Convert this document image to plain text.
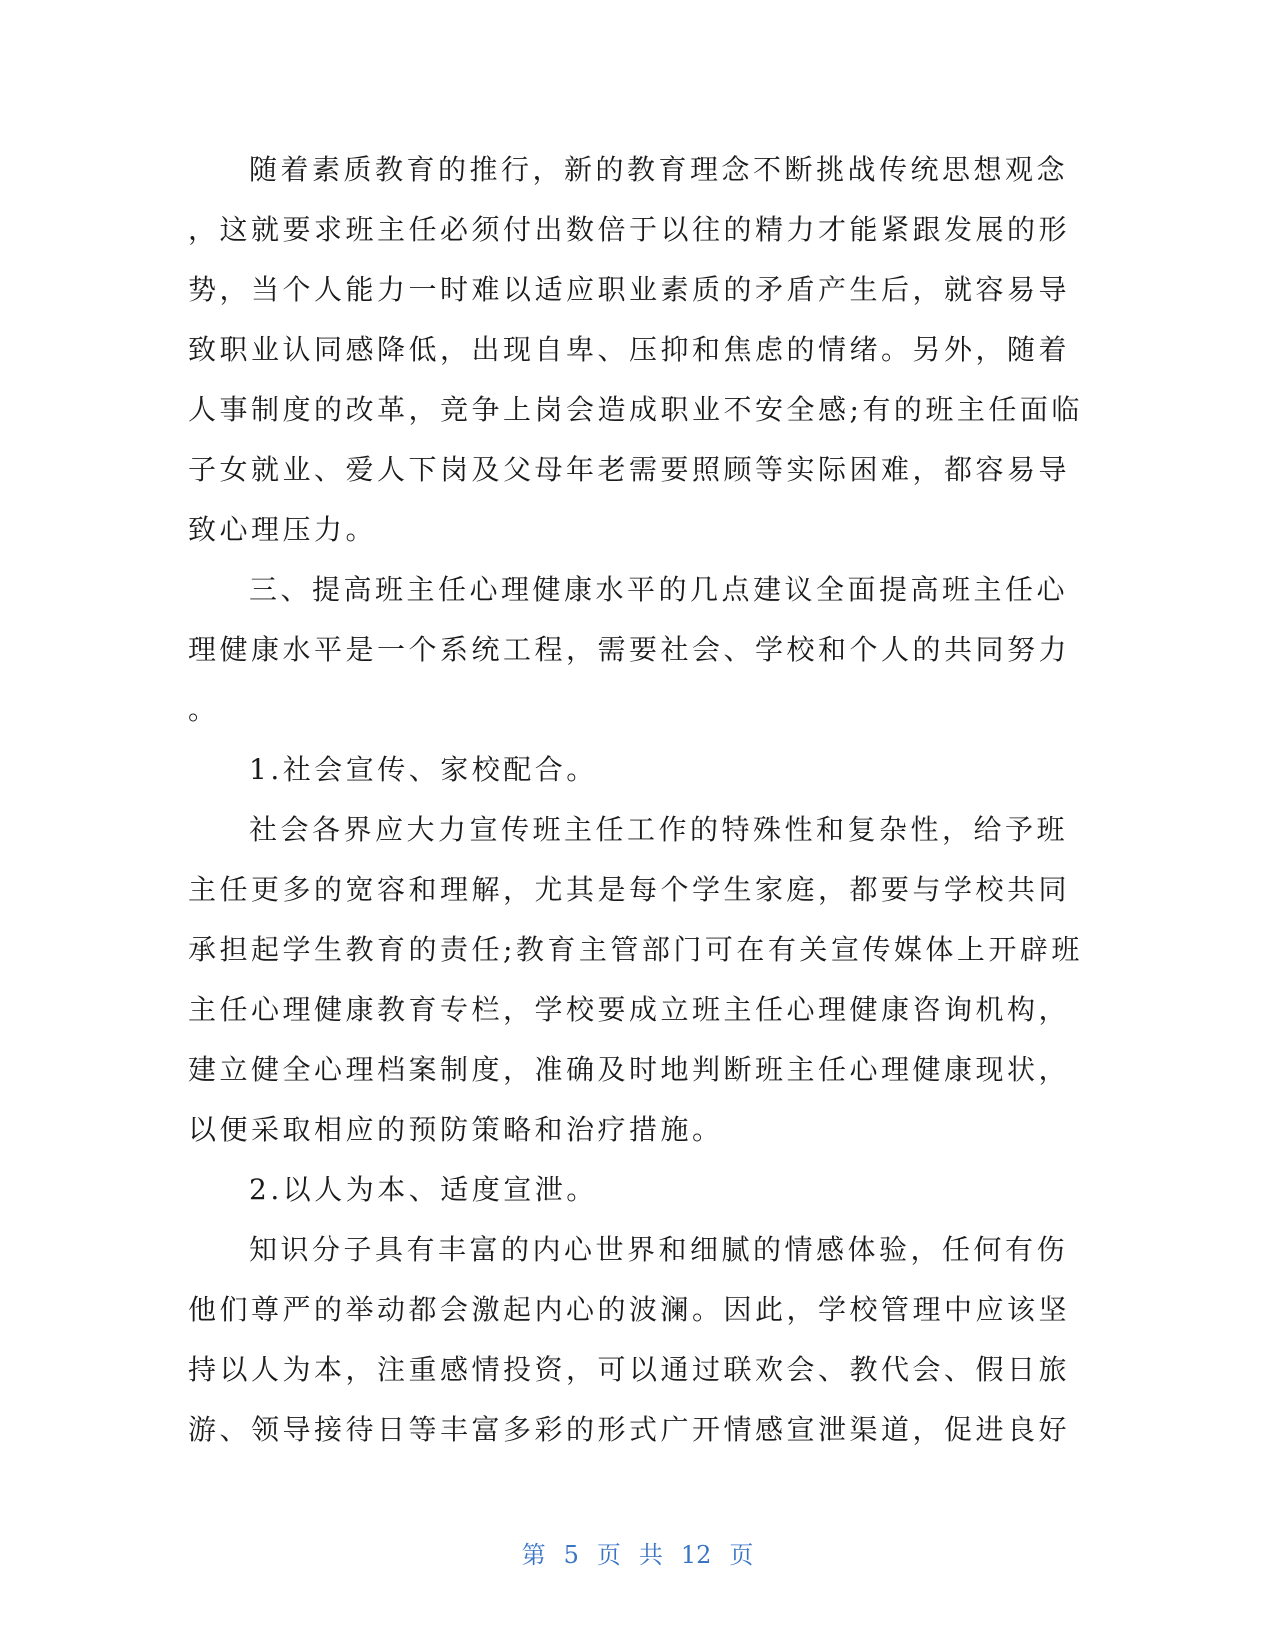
随着素质教育的推行，新的教育理念不断挑战传统思想观念
，这就要求班主任必须付出数倍于以往的精力才能紧跟发展的形
势，当个人能力一时难以适应职业素质的矛盾产生后，就容易导
致职业认同感降低，出现自卑、压抑和焦虑的情绪。另外，随着
人事制度的改革，竞争上岗会造成职业不安全感;有的班主任面临
子女就业、爱人下岗及父母年老需要照顾等实际困难，都容易导
致心理压力。
三、提高班主任心理健康水平的几点建议全面提高班主任心
理健康水平是一个系统工程，需要社会、学校和个人的共同努力
。
1.社会宣传、家校配合。
社会各界应大力宣传班主任工作的特殊性和复杂性，给予班
主任更多的宽容和理解，尤其是每个学生家庭，都要与学校共同
承担起学生教育的责任;教育主管部门可在有关宣传媒体上开辟班
主任心理健康教育专栏，学校要成立班主任心理健康咨询机构，
建立健全心理档案制度，准确及时地判断班主任心理健康现状，
以便采取相应的预防策略和治疗措施。
2.以人为本、适度宣泄。
知识分子具有丰富的内心世界和细腻的情感体验，任何有伤
他们尊严的举动都会激起内心的波澜。因此，学校管理中应该坚
持以人为本，注重感情投资，可以通过联欢会、教代会、假日旅
游、领导接待日等丰富多彩的形式广开情感宣泄渠道，促进良好
第 5 页 共 12 页
